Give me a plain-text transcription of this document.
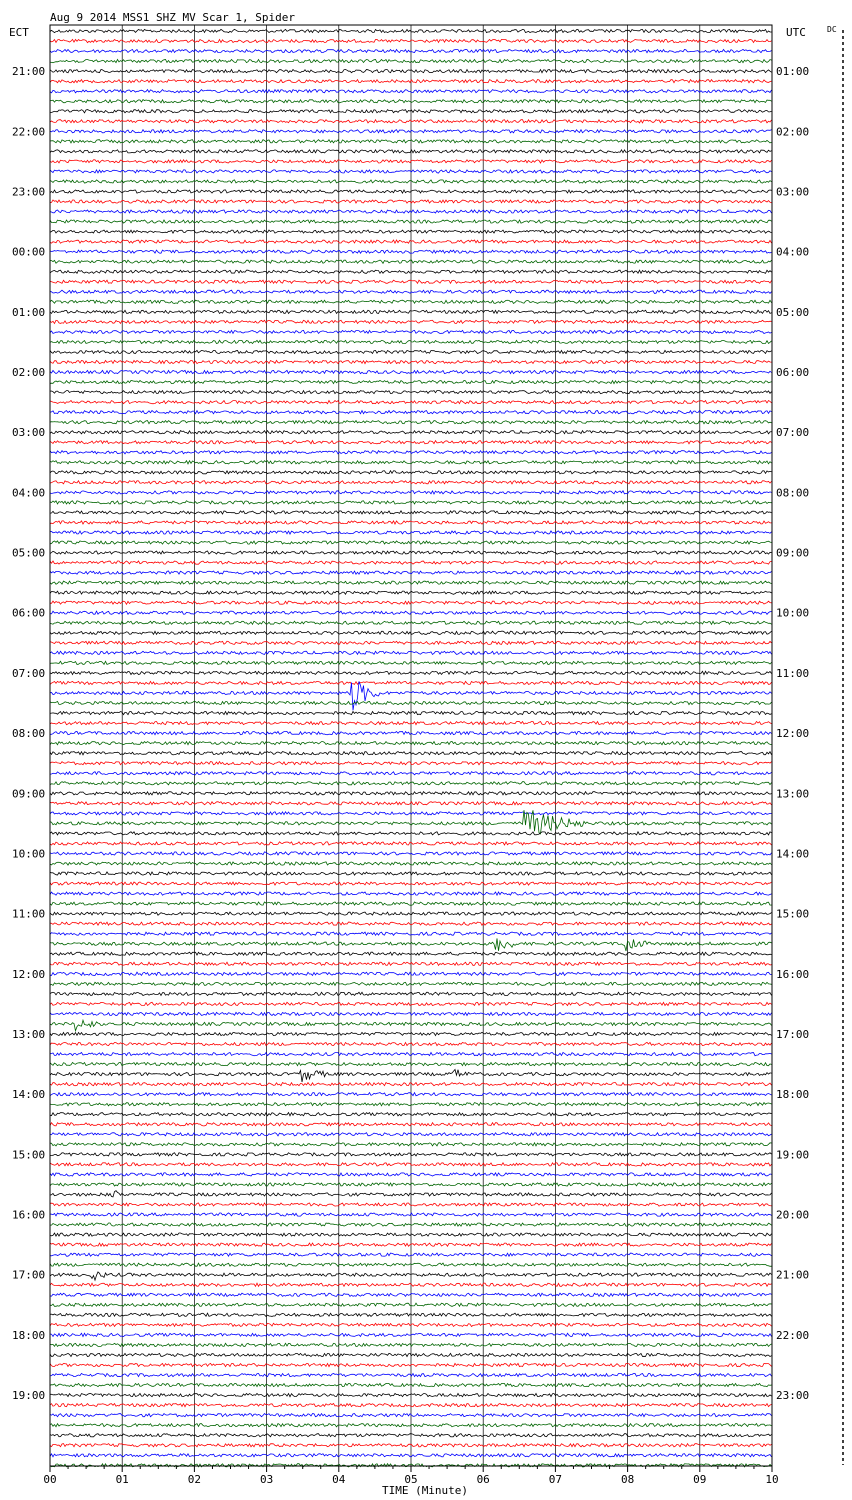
Aug 9 2014 MSS1 SHZ MV Scar 1, Spider
ECT	UTC	DC
21:00
22:00
23:00
00:00
01:00
02:00
03:00
04:00
05:00
06:00
07:00
08:00
09:00
10:00
11:00
12:00
13:00
14:00
15:00
16:00
17:00
18:00
19:00
01:00
02:00
03:00
04:00
05:00
06:00
07:00
08:00
09:00
10:00
11:00
12:00
13:00
14:00
15:00
16:00
17:00
18:00
19:00
20:00
21:00
22:00
23:00
00	01	02	03	04	05	06	07	08	09	10
TIME (Minute)
